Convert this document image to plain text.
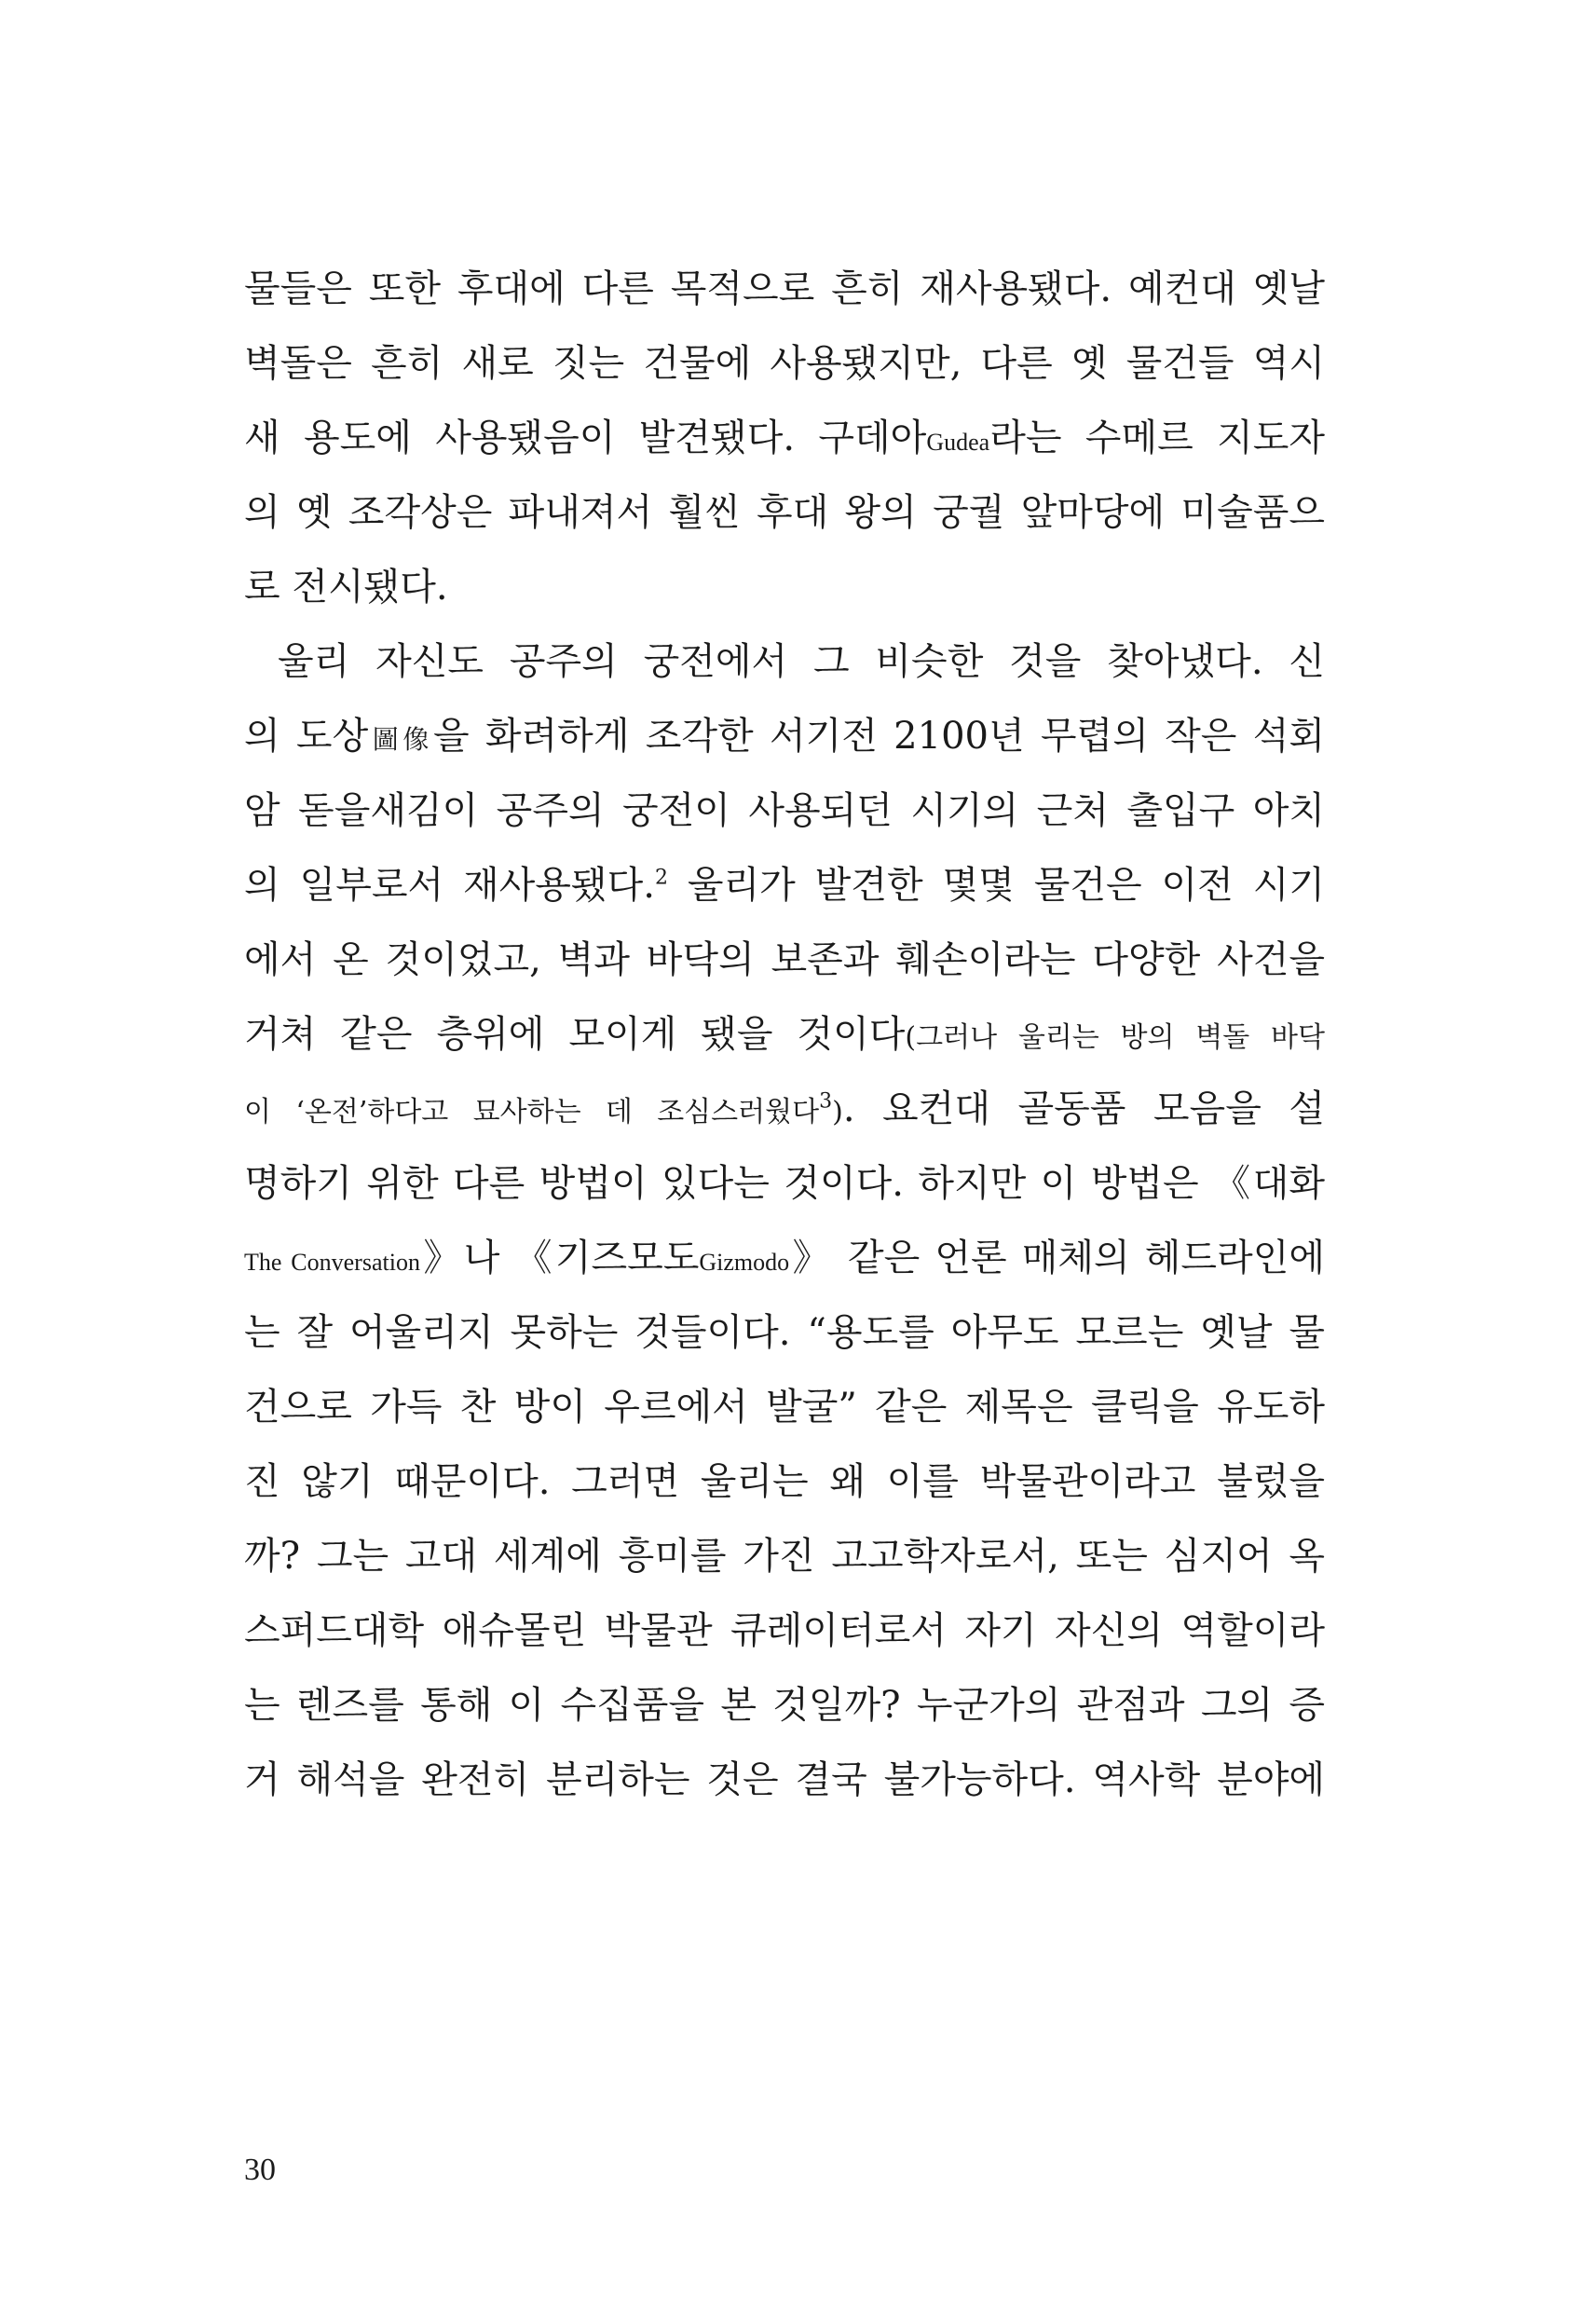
물들은 또한 후대에 다른 목적으로 흔히 재사용됐다. 예컨대 옛날
벽돌은 흔히 새로 짓는 건물에 사용됐지만, 다른 옛 물건들 역시
새 용도에 사용됐음이 발견됐다. 구데아Gudea라는 수메르 지도자
의 옛 조각상은 파내져서 훨씬 후대 왕의 궁궐 앞마당에 미술품으
로 전시됐다.
울리 자신도 공주의 궁전에서 그 비슷한 것을 찾아냈다. 신
의 도상圖像을 화려하게 조각한 서기전 2100년 무렵의 작은 석회
암 돋을새김이 공주의 궁전이 사용되던 시기의 근처 출입구 아치
의 일부로서 재사용됐다.$^2$ 울리가 발견한 몇몇 물건은 이전 시기
에서 온 것이었고, 벽과 바닥의 보존과 훼손이라는 다양한 사건을
거쳐 같은 층위에 모이게 됐을 것이다(그러나 울리는 방의 벽돌 바닥
이 ‘온전’하다고 묘사하는 데 조심스러웠다$^3$). 요컨대 골동품 모음을 설
명하기 위한 다른 방법이 있다는 것이다. 하지만 이 방법은 《대화
The Conversation》나 《기즈모도Gizmodo》 같은 언론 매체의 헤드라인에
는 잘 어울리지 못하는 것들이다. “용도를 아무도 모르는 옛날 물
건으로 가득 찬 방이 우르에서 발굴” 같은 제목은 클릭을 유도하
진 않기 때문이다. 그러면 울리는 왜 이를 박물관이라고 불렀을
까? 그는 고대 세계에 흥미를 가진 고고학자로서, 또는 심지어 옥
스퍼드대학 애슈몰린 박물관 큐레이터로서 자기 자신의 역할이라
는 렌즈를 통해 이 수집품을 본 것일까? 누군가의 관점과 그의 증
거 해석을 완전히 분리하는 것은 결국 불가능하다. 역사학 분야에
30
